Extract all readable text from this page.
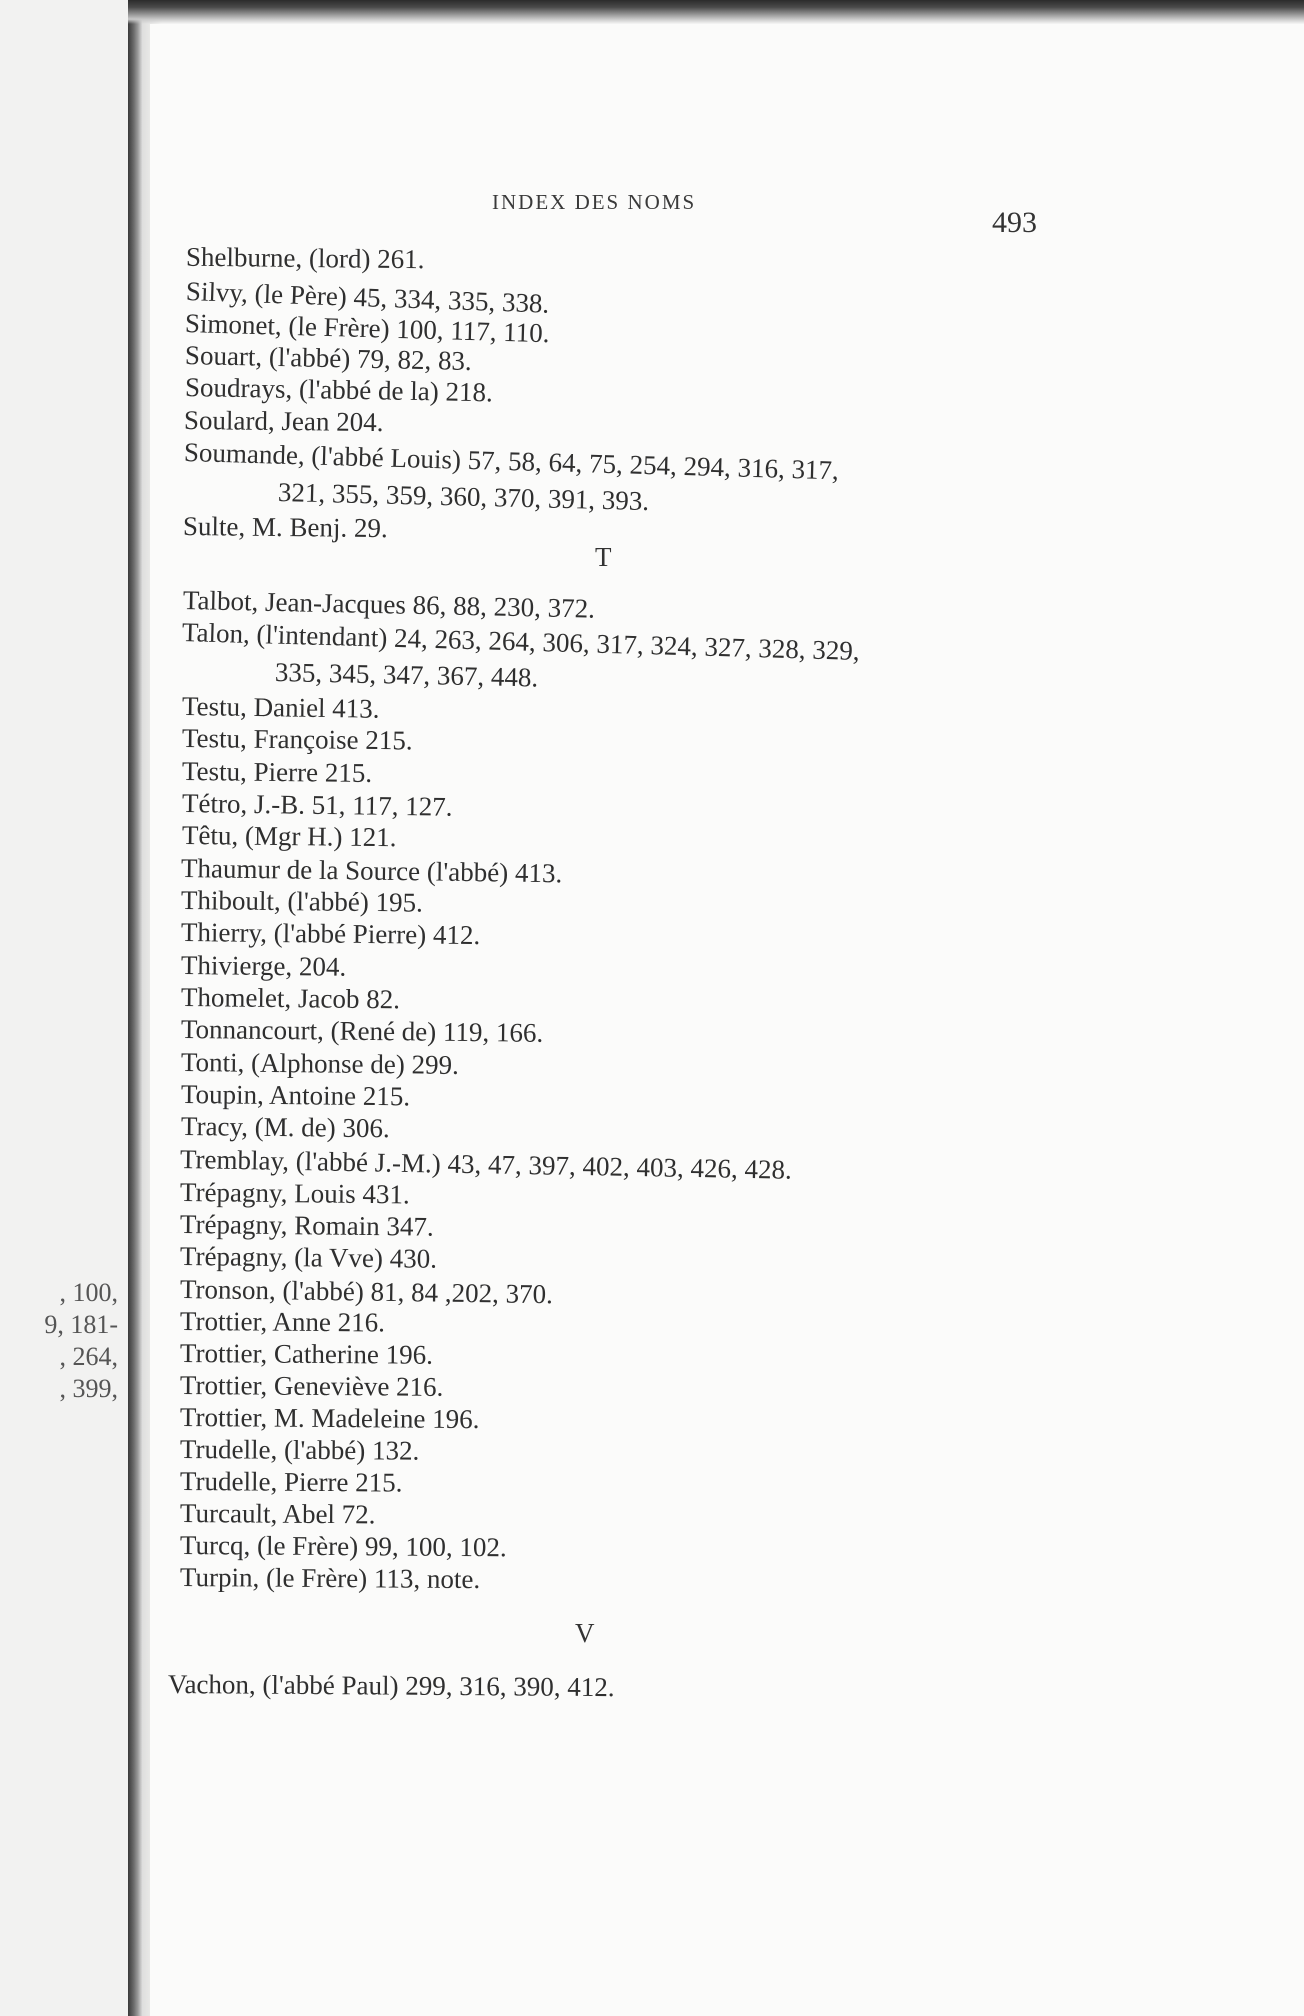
, 100,
9, 181-
, 264,
, 399,
INDEX DES NOMS
493
Shelburne, (lord) 261.
Silvy, (le Père) 45, 334, 335, 338.
Simonet, (le Frère) 100, 117, 110.
Souart, (l'abbé) 79, 82, 83.
Soudrays, (l'abbé de la) 218.
Soulard, Jean 204.
Soumande, (l'abbé Louis) 57, 58, 64, 75, 254, 294, 316, 317,
321, 355, 359, 360, 370, 391, 393.
Sulte, M. Benj. 29.
T
Talbot, Jean-Jacques 86, 88, 230, 372.
Talon, (l'intendant) 24, 263, 264, 306, 317, 324, 327, 328, 329,
335, 345, 347, 367, 448.
Testu, Daniel 413.
Testu, Françoise 215.
Testu, Pierre 215.
Tétro, J.-B. 51, 117, 127.
Têtu, (Mgr H.) 121.
Thaumur de la Source (l'abbé) 413.
Thiboult, (l'abbé) 195.
Thierry, (l'abbé Pierre) 412.
Thivierge, 204.
Thomelet, Jacob 82.
Tonnancourt, (René de) 119, 166.
Tonti, (Alphonse de) 299.
Toupin, Antoine 215.
Tracy, (M. de) 306.
Tremblay, (l'abbé J.-M.) 43, 47, 397, 402, 403, 426, 428.
Trépagny, Louis 431.
Trépagny, Romain 347.
Trépagny, (la Vve) 430.
Tronson, (l'abbé) 81, 84 ,202, 370.
Trottier, Anne 216.
Trottier, Catherine 196.
Trottier, Geneviève 216.
Trottier, M. Madeleine 196.
Trudelle, (l'abbé) 132.
Trudelle, Pierre 215.
Turcault, Abel 72.
Turcq, (le Frère) 99, 100, 102.
Turpin, (le Frère) 113, note.
V
Vachon, (l'abbé Paul) 299, 316, 390, 412.
